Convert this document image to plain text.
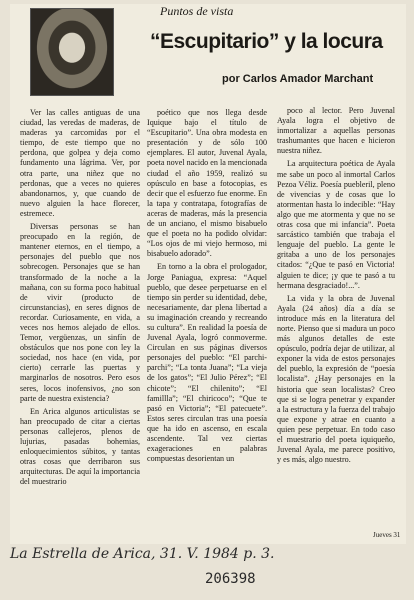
Puntos de vista
“Escupitario” y la locura
por Carlos Amador Marchant

Ver las calles antiguas de una ciudad, las veredas de maderas, de maderas ya carcomidas por el tiempo, de este tiempo que no perdona, que golpea y deja como fundamento una lágrima. Ver, por otra parte, una niñez que no perdonas, que a veces no quieres abandonarnos, y, que cuando de nuevo alguien la hace florecer, estremece.

Diversas personas se han preocupado en la región, de mantener eternos, en el tiempo, a personajes del pueblo que nos sobrecogen. Personajes que se han transformado de la noche a la mañana, con su forma poco habitual de vivir (producto de circunstancias), en seres dignos de recordar. Curiosamente, en vida, a veces nos hemos alejado de ellos. Temor, vergüenzas, un sinfín de obstáculos que nos pone con ley la sociedad, nos hace (en vida, por cierto) cerrarle las puertas y marginarlos de nosotros. Pero esos seres, locos inofensivos, ¿no son parte de nuestra existencia?

En Arica algunos articulistas se han preocupado de citar a ciertas personas callejeros, plenos de lujurias, pasadas bohemias, enloquecimientos súbitos, y tantas otras cosas que derribaron sus arquitecturas. De aquí la importancia del muestrario

poético que nos llega desde Iquique bajo el título de “Escupitario”. Una obra modesta en presentación y de sólo 100 ejemplares. El autor, Juvenal Ayala, poeta novel nacido en la mencionada ciudad el año 1959, realizó su opúsculo en base a fotocopias, es decir que el esfuerzo fue enorme. En la tapa y contratapa, fotografías de aceras de maderas, más la presencia de un anciano, el mismo bisabuelo que el poeta no ha podido olvidar: “Los ojos de mi viejo hermoso, mi bisabuelo adorado”.

En torno a la obra el prologador, Jorge Paniagua, expresa: “Aquel pueblo, que desee perpetuarse en el tiempo sin perder su identidad, debe, necesariamente, dar plena libertad a su imaginación creando y recreando su cultura”. En realidad la poesía de Juvenal Ayala, logró conmoverme. Circulan en sus páginas diversos personajes del pueblo: “El parchi-parchi”; “La tonta Juana”; “La vieja de los gatos”; “El Julio Pérez”; “El chicote”; “El chilenito”; “El famillla”; “El chiricoco”; “Que te pasó en Victoria”; “El patecuete”. Estos seres circulan tras una poesía que ha ido en ascenso, en escala ascendente. Tal vez ciertas exageraciones en palabras compuestas desorientan un

poco al lector. Pero Juvenal Ayala logra el objetivo de inmortalizar a aquellas personas trashumantes que hacen e hicieron nuestra niñez.

La arquitectura poética de Ayala me sabe un poco al inmortal Carlos Pezoa Véliz. Poesía puebleril, pleno de vivencias y de cosas que lo atormentan hasta lo indecible: “Hay algo que me atormenta y que no se otras cosa que mi infancia”. Poeta sarcástico también que trabaja el lenguaje del pueblo. La gente le gritaba a uno de los personajes citados: “¿Que te pasó en Victoria! alguien te dice; ¡y que te pasó a tu hermana desgraciado!...”.

La vida y la obra de Juvenal Ayala (24 años) día a día se introduce más en la literatura del norte. Pienso que si madura un poco más algunos detalles de este opúsculo, podría dejar de utilizar, al exponer la vida de estos personajes del pueblo, la expresión de “poesía localista”. ¿Hay personajes en la historia que sean localistas? Creo que si se logra penetrar y expander a la estructura y la fuerza del trabajo que expone y atrae en cuanto a quien pese perpetuar. En todo caso el muestrario del poeta iquiqueño, Juvenal Ayala, me parece positivo, y es más, algo nuestro.

Jueves 31
La Estrella de Arica, 31. V. 1984 p. 3.
206398
